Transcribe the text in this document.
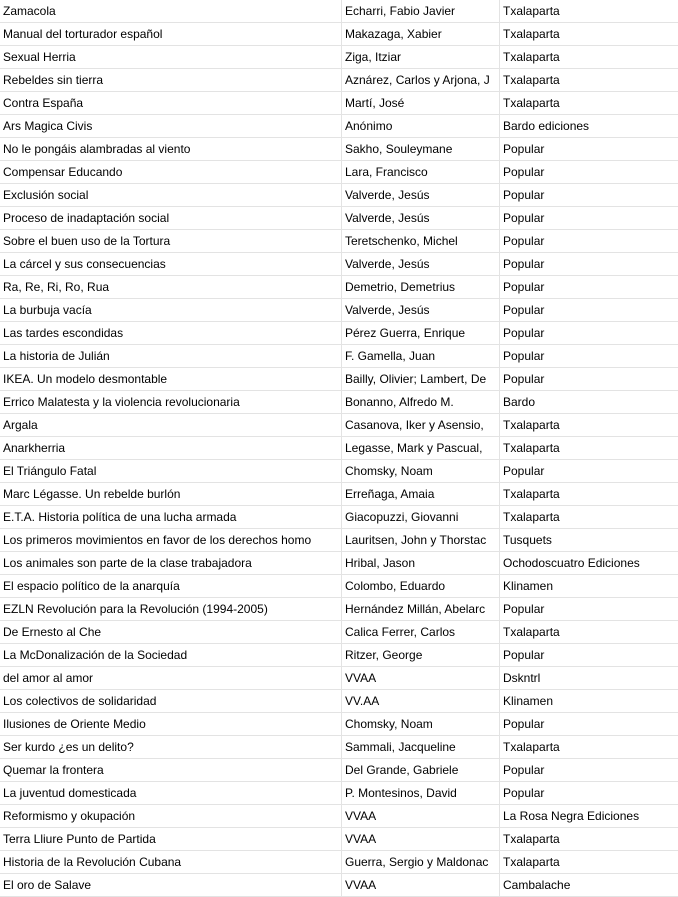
Zamacola	Echarri, Fabio Javier	Txalaparta
Manual del torturador español	Makazaga, Xabier	Txalaparta
Sexual Herria	Ziga, Itziar	Txalaparta
Rebeldes sin tierra	Aznárez, Carlos y Arjona, J	Txalaparta
Contra España	Martí, José	Txalaparta
Ars Magica Civis	Anónimo	Bardo ediciones
No le pongáis alambradas al viento	Sakho, Souleymane	Popular
Compensar Educando	Lara, Francisco	Popular
Exclusión social	Valverde, Jesús	Popular
Proceso de inadaptación social	Valverde, Jesús	Popular
Sobre el buen uso de la Tortura	Teretschenko, Michel	Popular
La cárcel y sus consecuencias	Valverde, Jesús	Popular
Ra, Re, Ri, Ro, Rua	Demetrio, Demetrius	Popular
La burbuja vacía	Valverde, Jesús	Popular
Las tardes escondidas	Pérez Guerra, Enrique	Popular
La historia de Julián	F. Gamella, Juan	Popular
IKEA. Un modelo desmontable	Bailly, Olivier; Lambert, De	Popular
Errico Malatesta y la violencia revolucionaria	Bonanno, Alfredo M.	Bardo
Argala	Casanova, Iker y Asensio,	Txalaparta
Anarkherria	Legasse, Mark y Pascual,	Txalaparta
El Triángulo Fatal	Chomsky, Noam	Popular
Marc Légasse. Un rebelde burlón	Erreñaga, Amaia	Txalaparta
E.T.A. Historia política de una lucha armada	Giacopuzzi, Giovanni	Txalaparta
Los primeros movimientos en favor de los derechos homo	Lauritsen, John y Thorstac	Tusquets
Los animales son parte de la clase trabajadora	Hribal, Jason	Ochodoscuatro Ediciones
El espacio político de la anarquía	Colombo, Eduardo	Klinamen
EZLN Revolución para la Revolución (1994-2005)	Hernández Millán, Abelarc	Popular
De Ernesto al Che	Calica Ferrer, Carlos	Txalaparta
La McDonalización de la Sociedad	Ritzer, George	Popular
del amor al amor	VVAA	Dskntrl
Los colectivos de solidaridad	VV.AA	Klinamen
Ilusiones de Oriente Medio	Chomsky, Noam	Popular
Ser kurdo ¿es un delito?	Sammali, Jacqueline	Txalaparta
Quemar la frontera	Del Grande, Gabriele	Popular
La juventud domesticada	P. Montesinos, David	Popular
Reformismo y okupación	VVAA	La Rosa Negra Ediciones
Terra Lliure Punto de Partida	VVAA	Txalaparta
Historia de la Revolución Cubana	Guerra, Sergio y Maldonac	Txalaparta
El oro de Salave	VVAA	Cambalache
